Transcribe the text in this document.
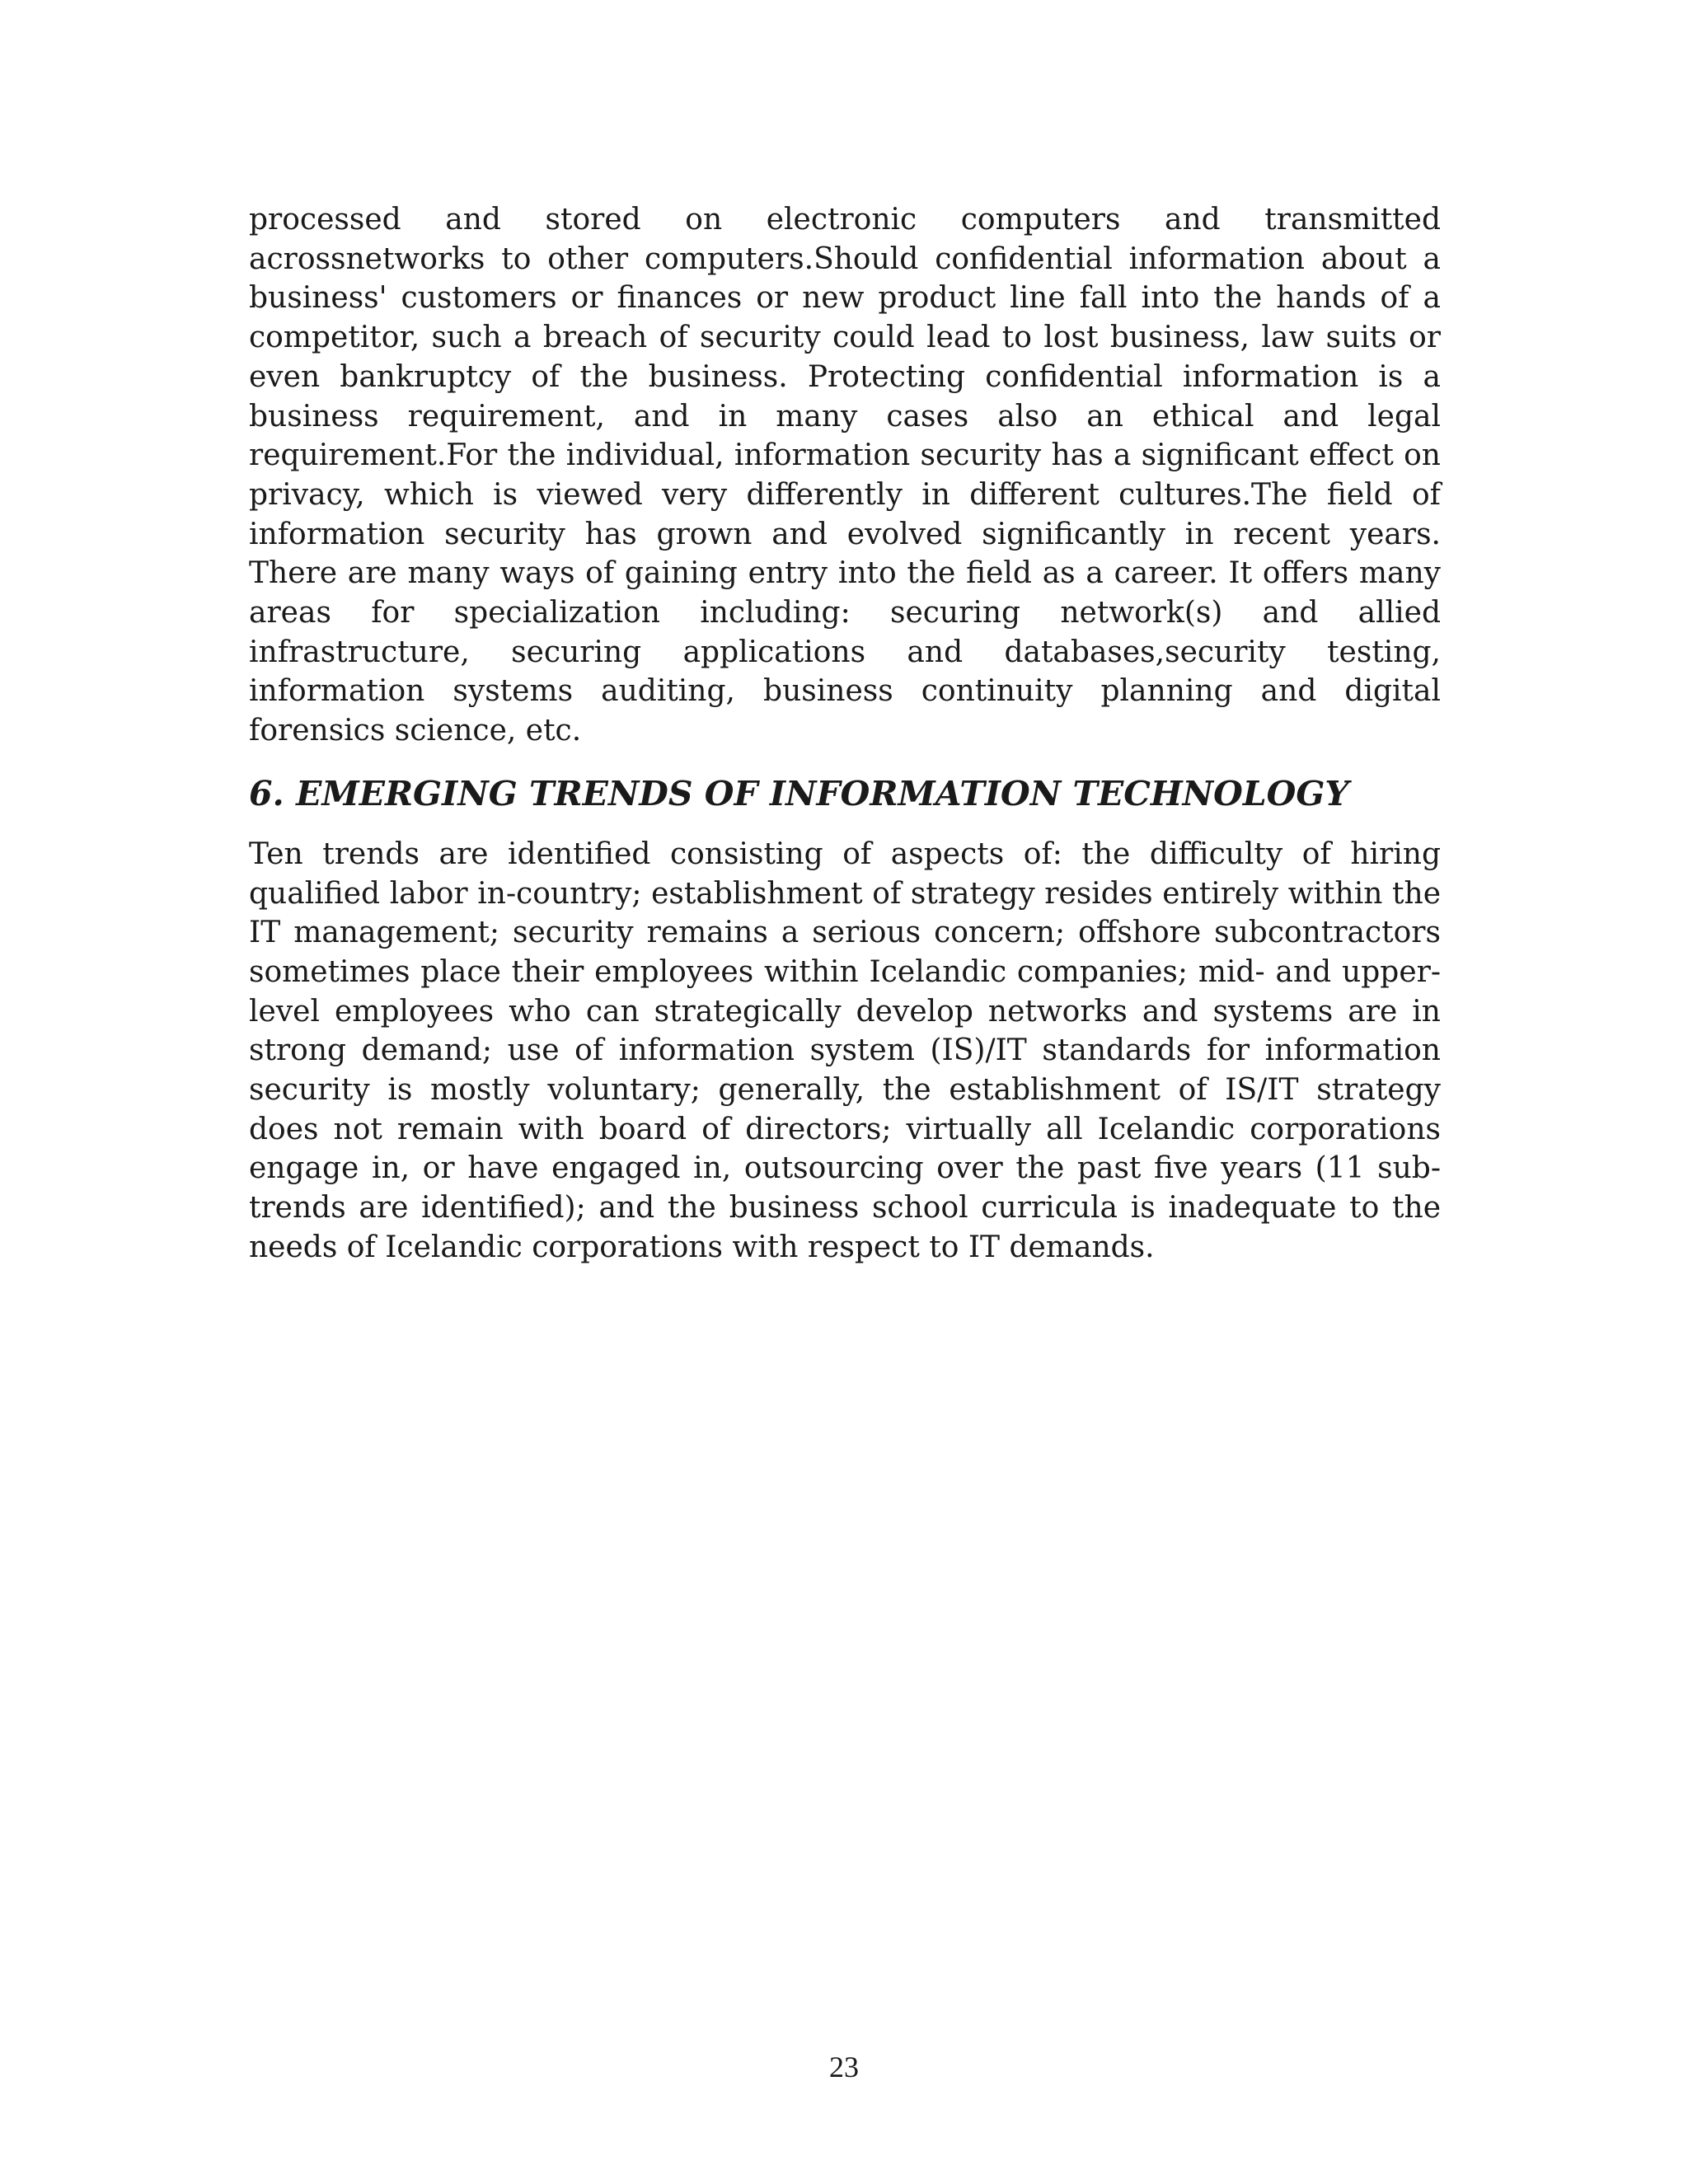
processed and stored on electronic computers and transmitted acrossnetworks to other computers.Should confidential information about a business' customers or finances or new product line fall into the hands of a competitor, such a breach of security could lead to lost business, law suits or even bankruptcy of the business. Protecting confidential information is a business requirement, and in many cases also an ethical and legal requirement.For the individual, information security has a significant effect on privacy, which is viewed very differently in different cultures.The field of information security has grown and evolved significantly in recent years. There are many ways of gaining entry into the field as a career. It offers many areas for specialization including: securing network(s) and allied infrastructure, securing applications and databases,security testing, information systems auditing, business continuity planning and digital forensics science, etc.

6. EMERGING TRENDS OF INFORMATION TECHNOLOGY

Ten trends are identified consisting of aspects of: the difficulty of hiring qualified labor in-country; establishment of strategy resides entirely within the IT management; security remains a serious concern; offshore subcontractors sometimes place their employees within Icelandic companies; mid- and upper-level employees who can strategically develop networks and systems are in strong demand; use of information system (IS)/IT standards for information security is mostly voluntary; generally, the establishment of IS/IT strategy does not remain with board of directors; virtually all Icelandic corporations engage in, or have engaged in, outsourcing over the past five years (11 sub-trends are identified); and the business school curricula is inadequate to the needs of Icelandic corporations with respect to IT demands.

23
